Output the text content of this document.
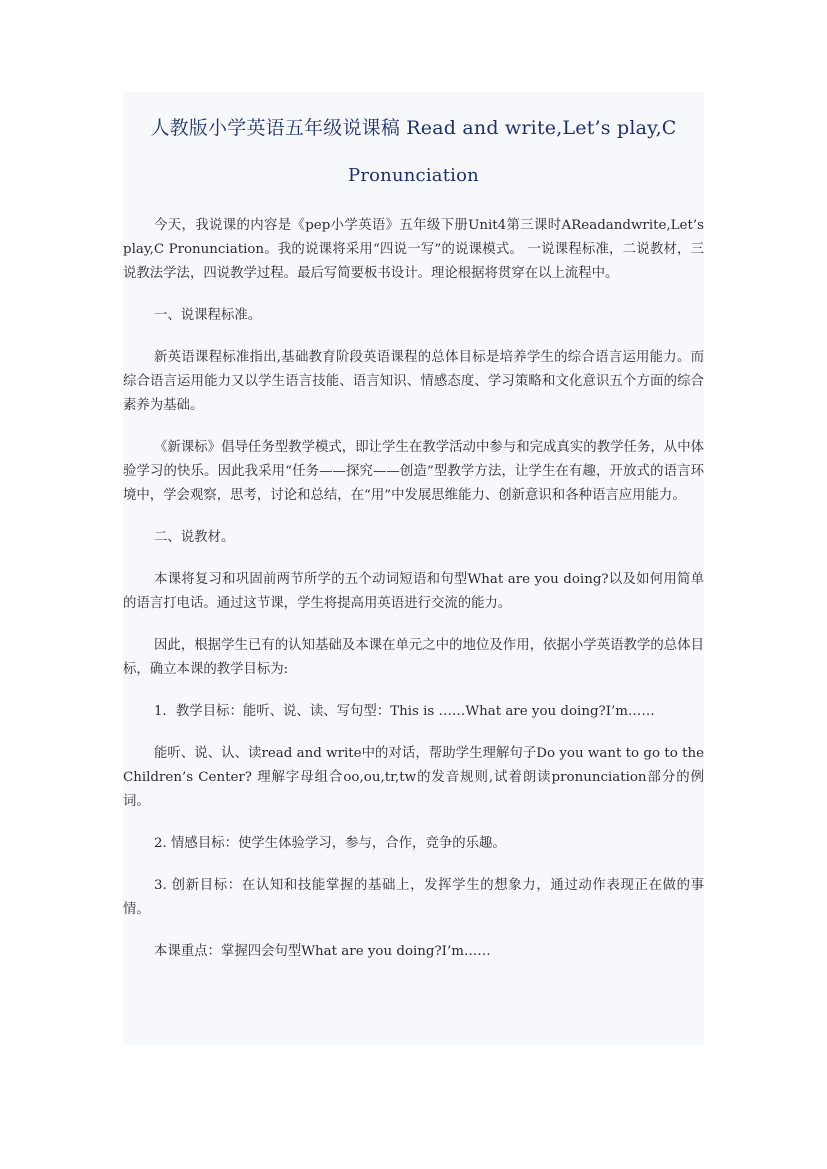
人教版小学英语五年级说课稿 Read and write,Let’s play,C
Pronunciation

今天，我说课的内容是《pep小学英语》五年级下册Unit4第三课时AReadandwrite,Let’s play,C Pronunciation。我的说课将采用“四说一写”的说课模式。 一说课程标准，二说教材，三说教法学法，四说教学过程。最后写简要板书设计。理论根据将贯穿在以上流程中。

一、说课程标准。

新英语课程标准指出,基础教育阶段英语课程的总体目标是培养学生的综合语言运用能力。而综合语言运用能力又以学生语言技能、语言知识、情感态度、学习策略和文化意识五个方面的综合素养为基础。

《新课标》倡导任务型教学模式，即让学生在教学活动中参与和完成真实的教学任务，从中体验学习的快乐。因此我采用“任务——探究——创造”型教学方法，让学生在有趣，开放式的语言环境中，学会观察，思考，讨论和总结，在“用”中发展思维能力、创新意识和各种语言应用能力。

二、说教材。

本课将复习和巩固前两节所学的五个动词短语和句型What are you doing?以及如何用简单的语言打电话。通过这节课，学生将提高用英语进行交流的能力。

因此，根据学生已有的认知基础及本课在单元之中的地位及作用，依据小学英语教学的总体目标，确立本课的教学目标为:

1．教学目标：能听、说、读、写句型：This is ……What are you doing?I’m……

能听、说、认、读read and write中的对话，帮助学生理解句子Do you want to go to the Children’s Center? 理解字母组合oo,ou,tr,tw的发音规则,试着朗读pronunciation部分的例词。

2. 情感目标：使学生体验学习，参与，合作，竞争的乐趣。

3. 创新目标：在认知和技能掌握的基础上，发挥学生的想象力，通过动作表现正在做的事情。

本课重点：掌握四会句型What are you doing?I’m……
